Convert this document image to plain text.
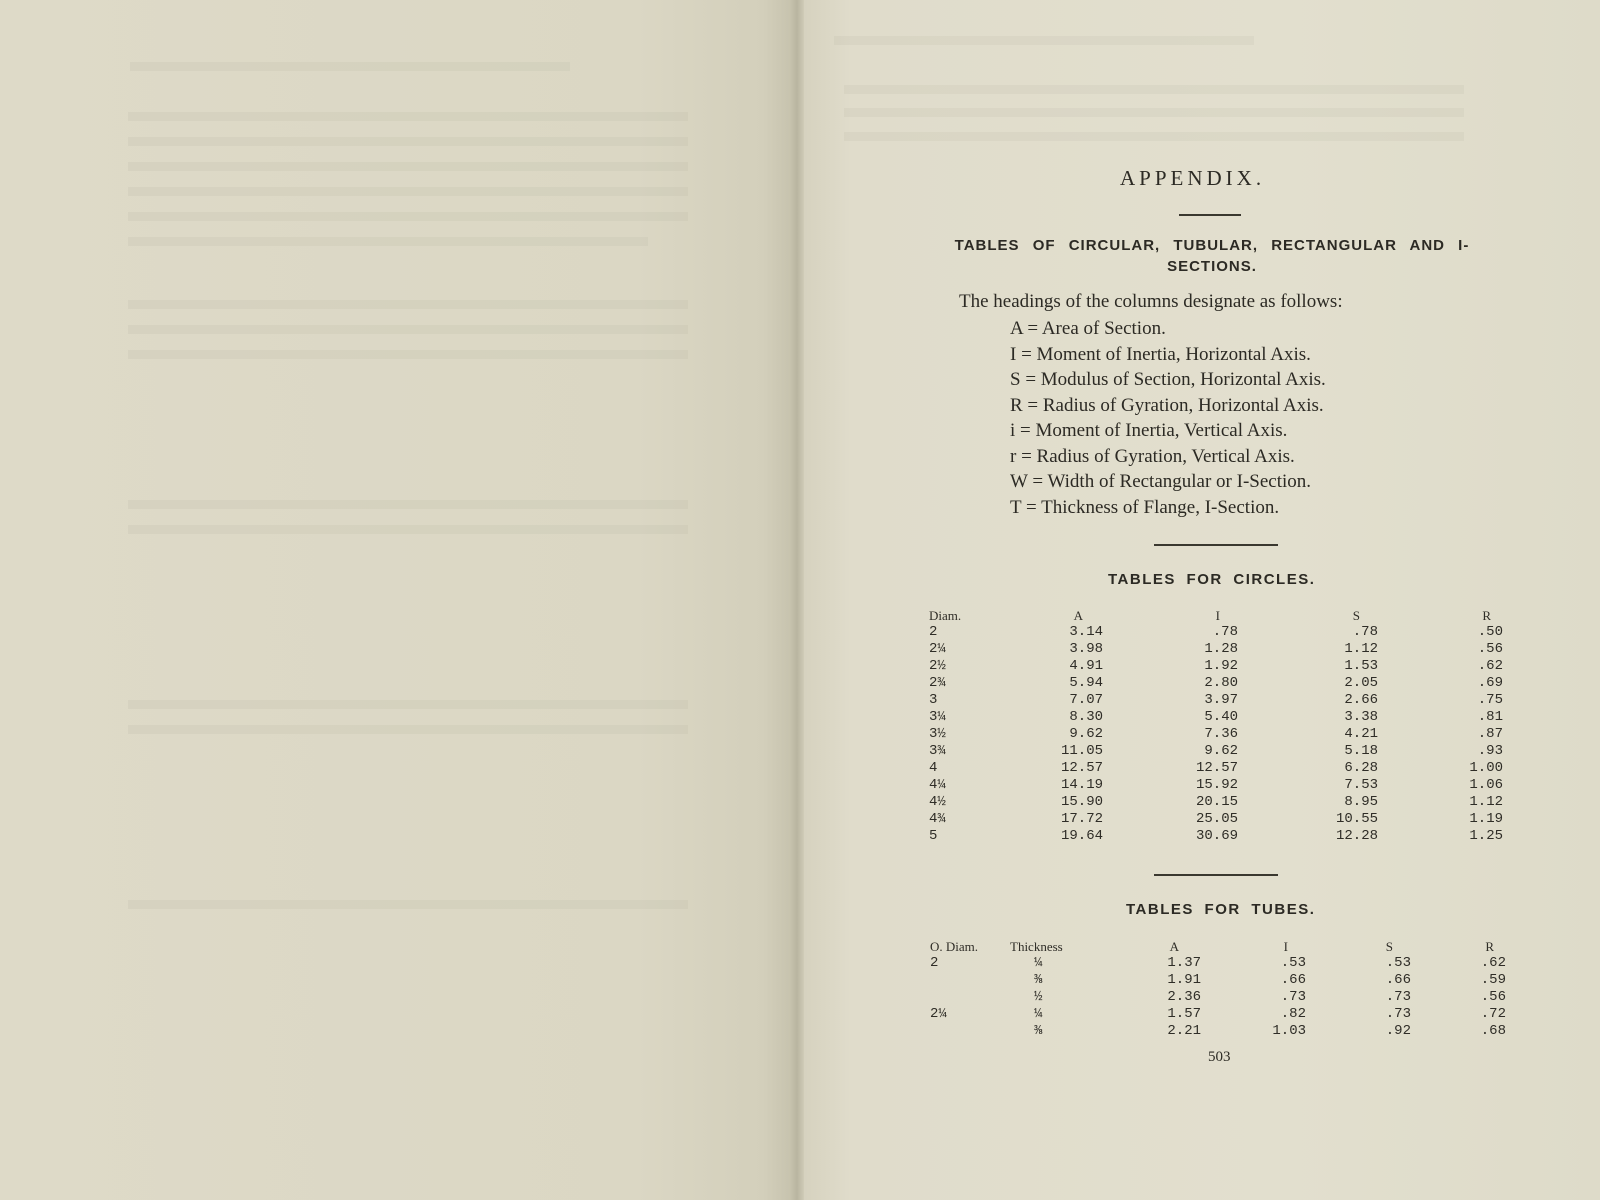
APPENDIX.
TABLES OF CIRCULAR, TUBULAR, RECTANGULAR AND I-SECTIONS.
The headings of the columns designate as follows:
A = Area of Section.
I = Moment of Inertia, Horizontal Axis.
S = Modulus of Section, Horizontal Axis.
R = Radius of Gyration, Horizontal Axis.
i = Moment of Inertia, Vertical Axis.
r = Radius of Gyration, Vertical Axis.
W = Width of Rectangular or I-Section.
T = Thickness of Flange, I-Section.
TABLES FOR CIRCLES.
Diam.	A	I	S	R
2	3.14	.78	.78	.50
2¼	3.98	1.28	1.12	.56
2½	4.91	1.92	1.53	.62
2¾	5.94	2.80	2.05	.69
3	7.07	3.97	2.66	.75
3¼	8.30	5.40	3.38	.81
3½	9.62	7.36	4.21	.87
3¾	11.05	9.62	5.18	.93
4	12.57	12.57	6.28	1.00
4¼	14.19	15.92	7.53	1.06
4½	15.90	20.15	8.95	1.12
4¾	17.72	25.05	10.55	1.19
5	19.64	30.69	12.28	1.25
TABLES FOR TUBES.
O. Diam.	Thickness	A	I	S	R
2	¼	1.37	.53	.53	.62
	⅜	1.91	.66	.66	.59
	½	2.36	.73	.73	.56
2¼	¼	1.57	.82	.73	.72
	⅜	2.21	1.03	.92	.68
503
